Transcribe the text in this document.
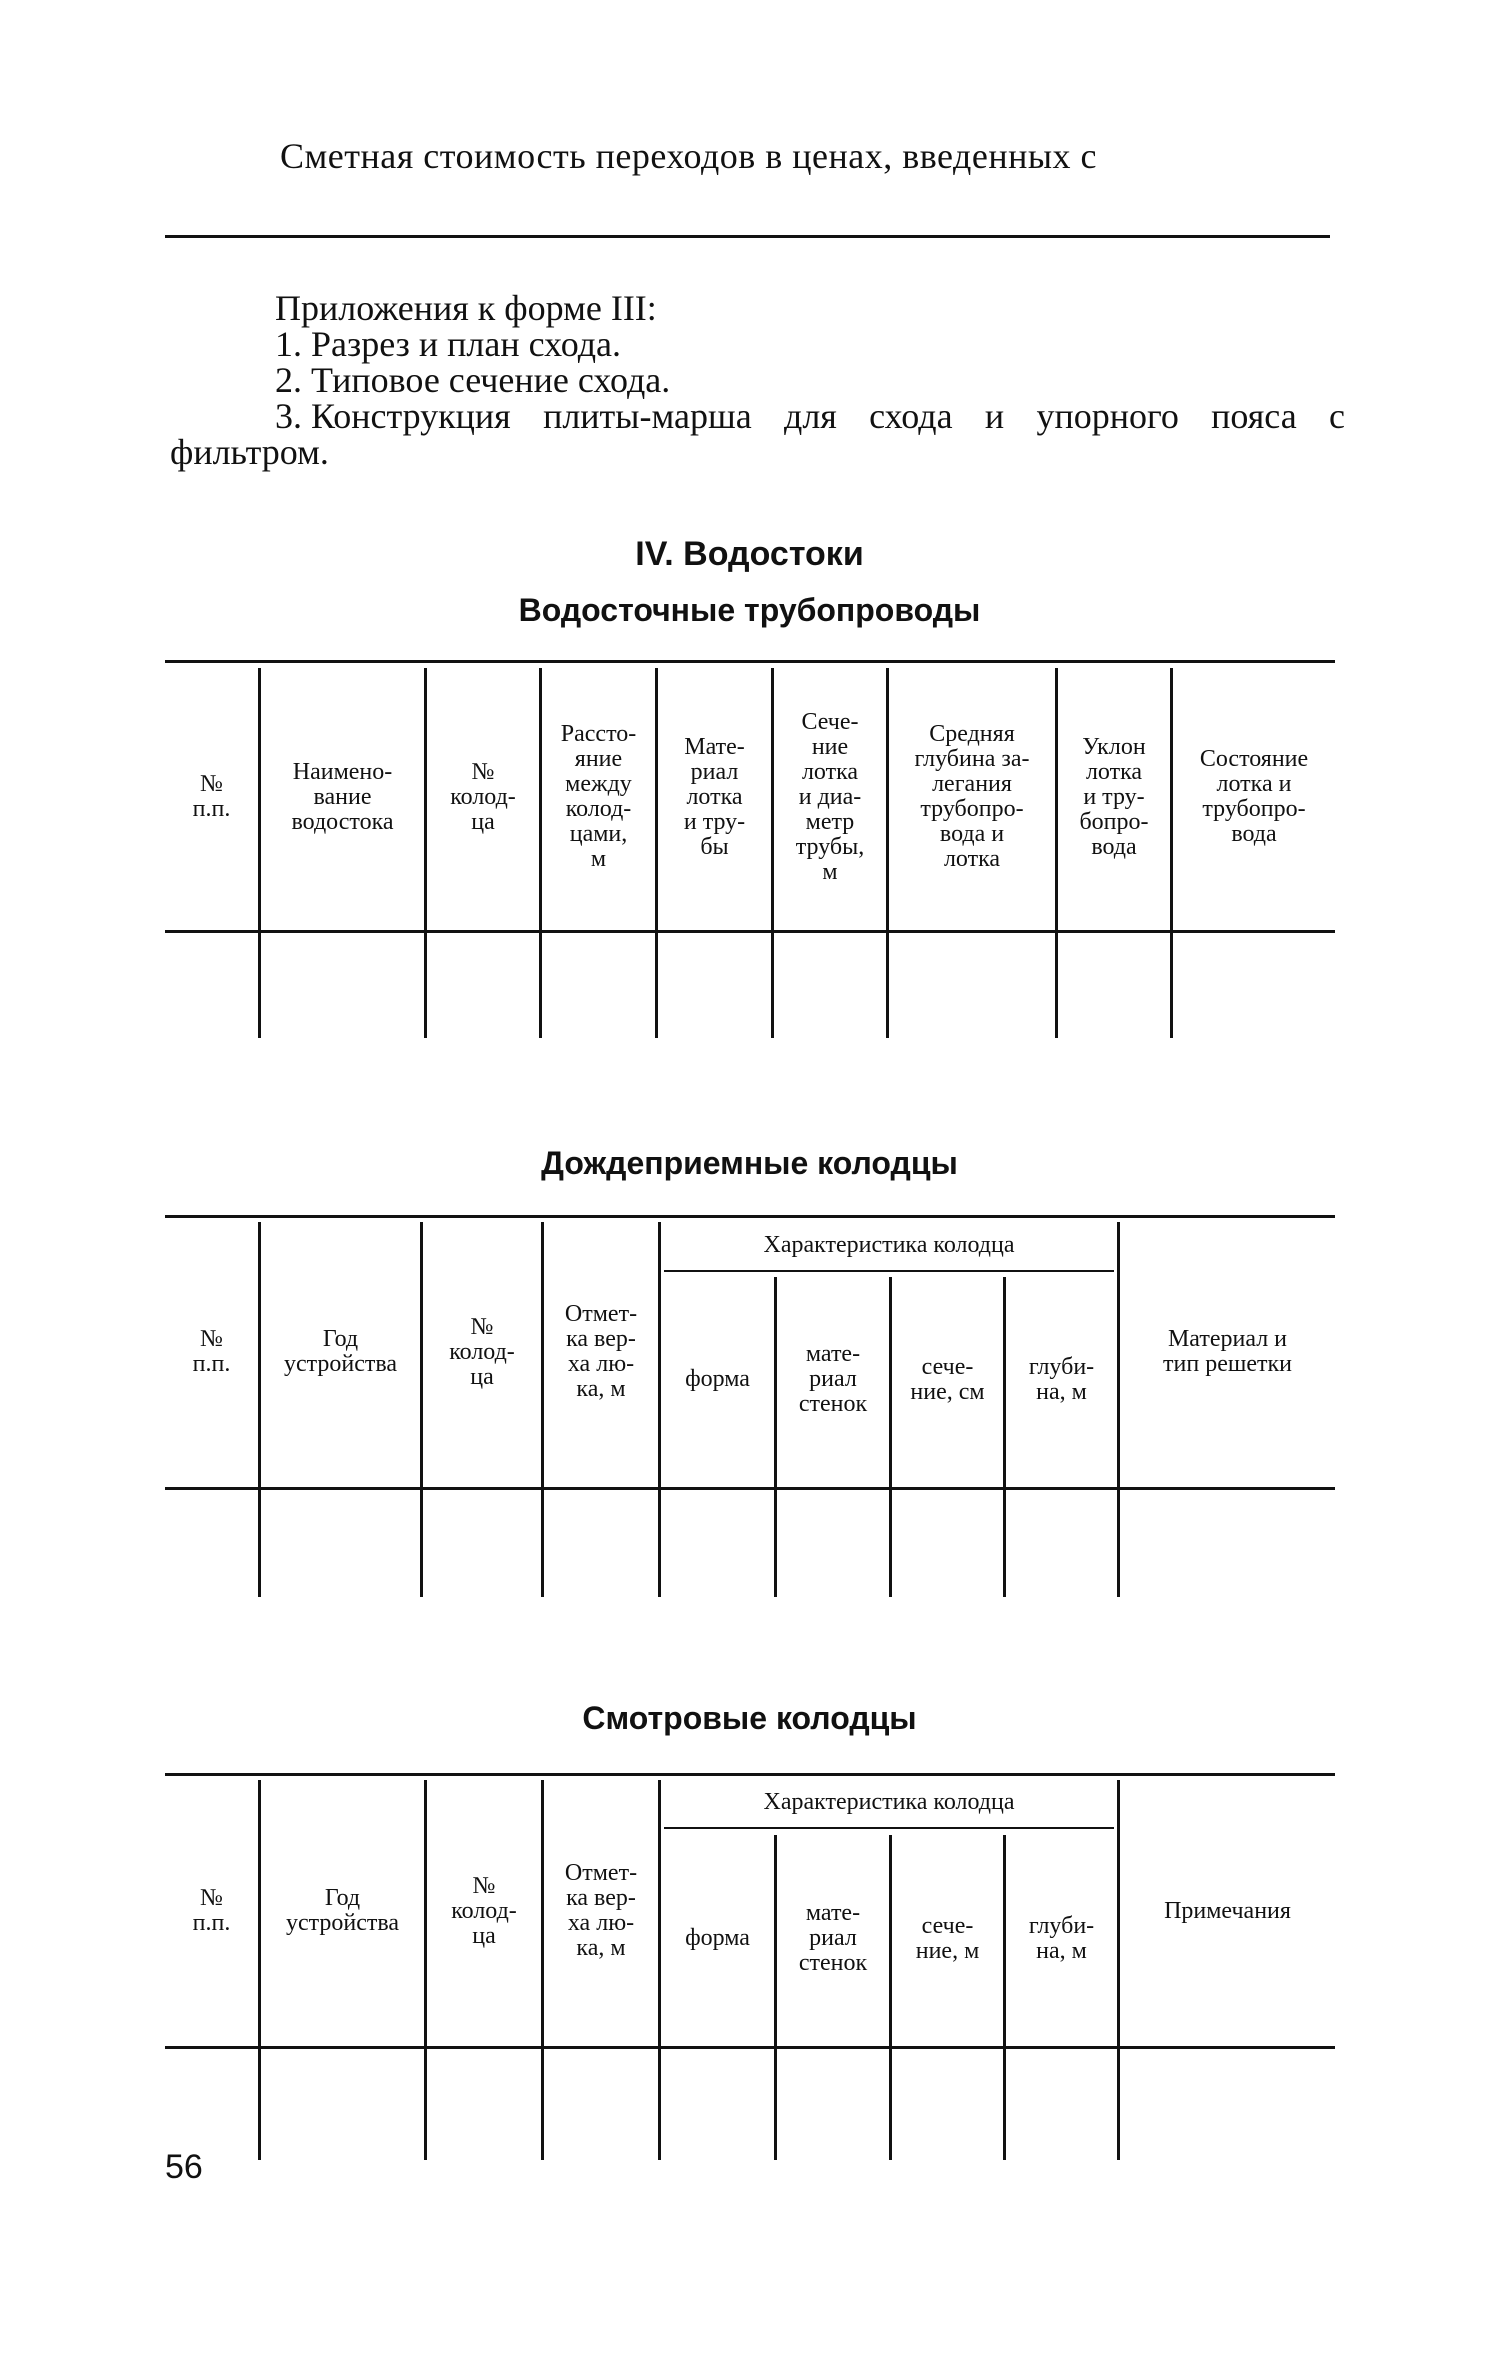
Сметная стоимость переходов в ценах, введенных с
Приложения к форме III:
1. Разрез и план схода.
2. Типовое сечение схода.
3. Конструкция плиты-марша для схода и упорного пояса с
фильтром.
IV. Водостоки
Водосточные трубопроводы
№
п.п.
Наимено-
вание
водостока
№
колод-
ца
Рассто-
яние
между
колод-
цами,
м
Мате-
риал
лотка
и тру-
бы
Сече-
ние
лотка
и диа-
метр
трубы,
м
Средняя
глубина за-
легания
трубопро-
вода и
лотка
Уклон
лотка
и тру-
бопро-
вода
Состояние
лотка и
трубопро-
вода
Дождеприемные колодцы
№
п.п.
Год
устройства
№
колод-
ца
Отмет-
ка вер-
ха лю-
ка, м
Характеристика колодца
форма
мате-
риал
стенок
сече-
ние, см
глуби-
на, м
Материал и
тип решетки
Смотровые колодцы
№
п.п.
Год
устройства
№
колод-
ца
Отмет-
ка вер-
ха лю-
ка, м
Характеристика колодца
форма
мате-
риал
стенок
сече-
ние, м
глуби-
на, м
Примечания
56
